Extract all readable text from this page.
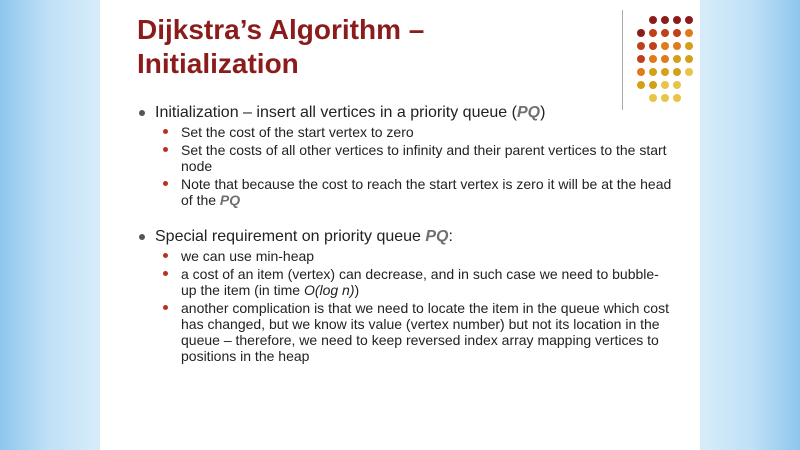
Dijkstra’s Algorithm –
Initialization
Initialization – insert all vertices in a priority queue (PQ)
Set the cost of the start vertex to zero
Set the costs of all other vertices to infinity and their parent vertices to the start node
Note that because the cost to reach the start vertex is zero it will be at the head of the PQ
Special requirement on priority queue PQ:
we can use min-heap
a cost of an item (vertex) can decrease, and in such case we need to bubble-up the item (in time O(log n))
another complication is that we need to locate the item in the queue which cost has changed, but we know its value (vertex number) but not its location in the queue – therefore, we need to keep reversed index array mapping vertices to positions in the heap
